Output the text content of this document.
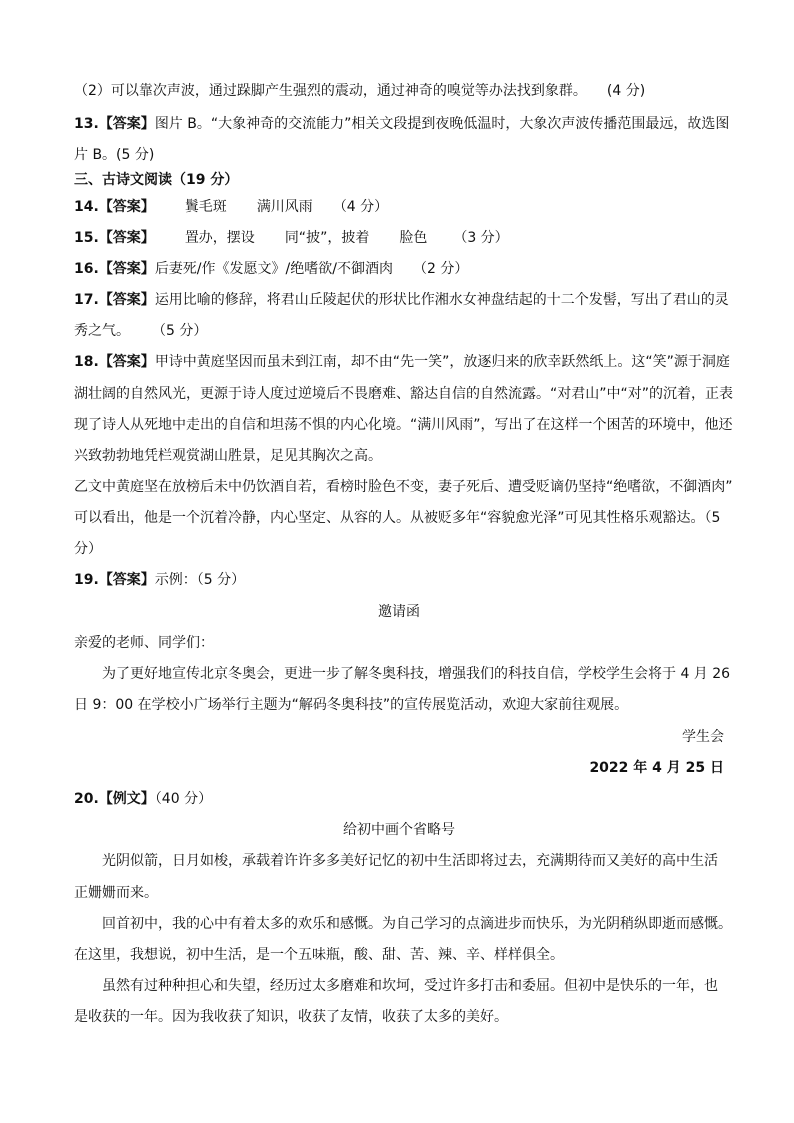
（2）可以靠次声波，通过跺脚产生强烈的震动，通过神奇的嗅觉等办法找到象群。 (4 分)
13.【答案】图片 B。“大象神奇的交流能力”相关文段提到夜晚低温时，大象次声波传播范围最远，故选图
片 B。(5 分)
三、古诗文阅读（19 分）
14.【答案】 鬒毛斑 满川风雨 （4 分）
15.【答案】 置办，摆设 同“披”，披着 脸色 （3 分）
16.【答案】后妻死/作《发愿文》/绝嗜欲/不御酒肉 （2 分）
17.【答案】运用比喻的修辞，将君山丘陵起伏的形状比作湘水女神盘结起的十二个发髻，写出了君山的灵
秀之气。 （5 分）
18.【答案】甲诗中黄庭坚因而虽未到江南，却不由“先一笑”，放逐归来的欣幸跃然纸上。这“笑”源于洞庭
湖壮阔的自然风光，更源于诗人度过逆境后不畏磨难、豁达自信的自然流露。“对君山”中“对”的沉着，正表
现了诗人从死地中走出的自信和坦荡不惧的内心化境。“满川风雨”，写出了在这样一个困苦的环境中，他还
兴致勃勃地凭栏观赏湖山胜景，足见其胸次之高。
乙文中黄庭坚在放榜后未中仍饮酒自若，看榜时脸色不变，妻子死后、遭受贬谪仍坚持“绝嗜欲，不御酒肉”
可以看出，他是一个沉着冷静，内心坚定、从容的人。从被贬多年“容貌愈光泽”可见其性格乐观豁达。（5
分）
19.【答案】示例：（5 分）
邀请函
亲爱的老师、同学们：
为了更好地宣传北京冬奥会，更进一步了解冬奥科技，增强我们的科技自信，学校学生会将于 4 月 26
日 9：00 在学校小广场举行主题为“解码冬奥科技”的宣传展览活动，欢迎大家前往观展。
学生会
2022 年 4 月 25 日
20.【例文】（40 分）
给初中画个省略号
光阴似箭，日月如梭，承载着许许多多美好记忆的初中生活即将过去，充满期待而又美好的高中生活
正姗姗而来。
回首初中，我的心中有着太多的欢乐和感慨。为自己学习的点滴进步而快乐，为光阴稍纵即逝而感慨。
在这里，我想说，初中生活，是一个五味瓶，酸、甜、苦、辣、辛、样样俱全。
虽然有过种种担心和失望，经历过太多磨难和坎坷，受过许多打击和委屈。但初中是快乐的一年，也
是收获的一年。因为我收获了知识，收获了友情，收获了太多的美好。
